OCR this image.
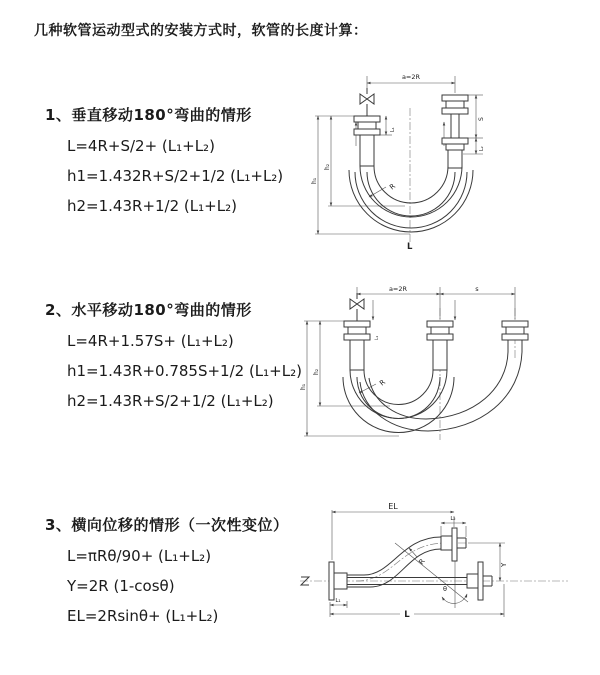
几种软管运动型式的安装方式时，软管的长度计算：
1、垂直移动180°弯曲的情形
L=4R+S/2+ (L₁+L₂)
h1=1.432R+S/2+1/2 (L₁+L₂)
h2=1.43R+1/2 (L₁+L₂)
a=2R
h₁
h₂
L₁
S
L₂
R
L
2、水平移动180°弯曲的情形
L=4R+1.57S+ (L₁+L₂)
h1=1.43R+0.785S+1/2 (L₁+L₂)
h2=1.43R+S/2+1/2 (L₁+L₂)
a=2R	s
h₁
h₂
L₁
R
3、横向位移的情形（一次性变位）
L=πRθ/90+ (L₁+L₂)
Y=2R (1-cosθ)
EL=2Rsinθ+ (L₁+L₂)
EL
L₂
Y
R
θ
L
L₁
